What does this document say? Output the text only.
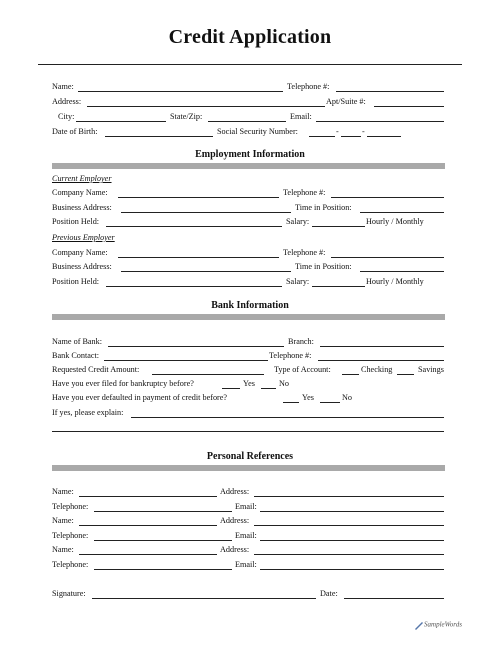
Credit Application
Name:	Telephone #:
Address:	Apt/Suite #:
City:	State/Zip:	Email:
Date of Birth:	Social Security Number:	-	-
Employment Information
Current Employer
Company Name:	Telephone #:
Business Address:	Time in Position:
Position Held:	Salary:	Hourly / Monthly
Previous Employer
Company Name:	Telephone #:
Business Address:	Time in Position:
Position Held:	Salary:	Hourly / Monthly
Bank Information
Name of Bank:	Branch:
Bank Contact:	Telephone #:
Requested Credit Amount:	Type of Account:	Checking	Savings
Have you ever filed for bankruptcy before?	Yes	No
Have you ever defaulted in payment of credit before?	Yes	No
If yes, please explain:
Personal References
Name:	Address:
Telephone:	Email:
Name:	Address:
Telephone:	Email:
Name:	Address:
Telephone:	Email:
Signature:	Date:
SampleWords
